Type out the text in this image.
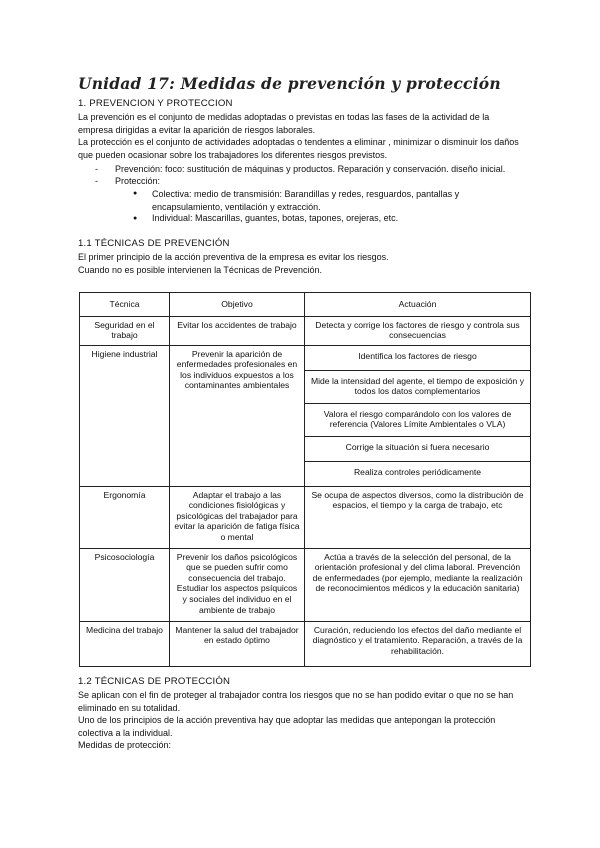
Unidad 17: Medidas de prevención y protección
1. PREVENCION Y PROTECCION
La prevención es el conjunto de medidas adoptadas o previstas en todas las fases de la actividad de la
empresa dirigidas a evitar la aparición de riesgos laborales.
La protección es el conjunto de actividades adoptadas o tendentes a eliminar , minimizar o disminuir los daños
que pueden ocasionar sobre los trabajadores los diferentes riesgos previstos.
- Prevención: foco: sustitución de máquinas y productos. Reparación y conservación. diseño inicial.
- Protección:
● Colectiva: medio de transmisión: Barandillas y redes, resguardos, pantallas y
encapsulamiento, ventilación y extracción.
● Individual: Mascarillas, guantes, botas, tapones, orejeras, etc.
1.1 TÉCNICAS DE PREVENCIÓN
El primer principio de la acción preventiva de la empresa es evitar los riesgos.
Cuando no es posible intervienen la Técnicas de Prevención.
Técnica	Objetivo	Actuación
Seguridad en el trabajo	Evitar los accidentes de trabajo	Detecta y corrige los factores de riesgo y controla sus consecuencias
Higiene industrial	Prevenir la aparición de enfermedades profesionales en los individuos expuestos a los contaminantes ambientales	Identifica los factores de riesgo
		Mide la intensidad del agente, el tiempo de exposición y todos los datos complementarios
		Valora el riesgo comparándolo con los valores de referencia (Valores Límite Ambientales o VLA)
		Corrige la situación si fuera necesario
		Realiza controles periódicamente
Ergonomía	Adaptar el trabajo a las condiciones fisiológicas y psicológicas del trabajador para evitar la aparición de fatiga física o mental	Se ocupa de aspectos diversos, como la distribución de espacios, el tiempo y la carga de trabajo, etc
Psicosociología	Prevenir los daños psicológicos que se pueden sufrir como consecuencia del trabajo. Estudiar los aspectos psíquicos y sociales del individuo en el ambiente de trabajo	Actúa a través de la selección del personal, de la orientación profesional y del clima laboral. Prevención de enfermedades (por ejemplo, mediante la realización de reconocimientos médicos y la educación sanitaria)
Medicina del trabajo	Mantener la salud del trabajador en estado óptimo	Curación, reduciendo los efectos del daño mediante el diagnóstico y el tratamiento. Reparación, a través de la rehabilitación.
1.2 TÉCNICAS DE PROTECCIÓN
Se aplican con el fin de proteger al trabajador contra los riesgos que no se han podido evitar o que no se han
eliminado en su totalidad.
Uno de los principios de la acción preventiva hay que adoptar las medidas que antepongan la protección
colectiva a la individual.
Medidas de protección:
